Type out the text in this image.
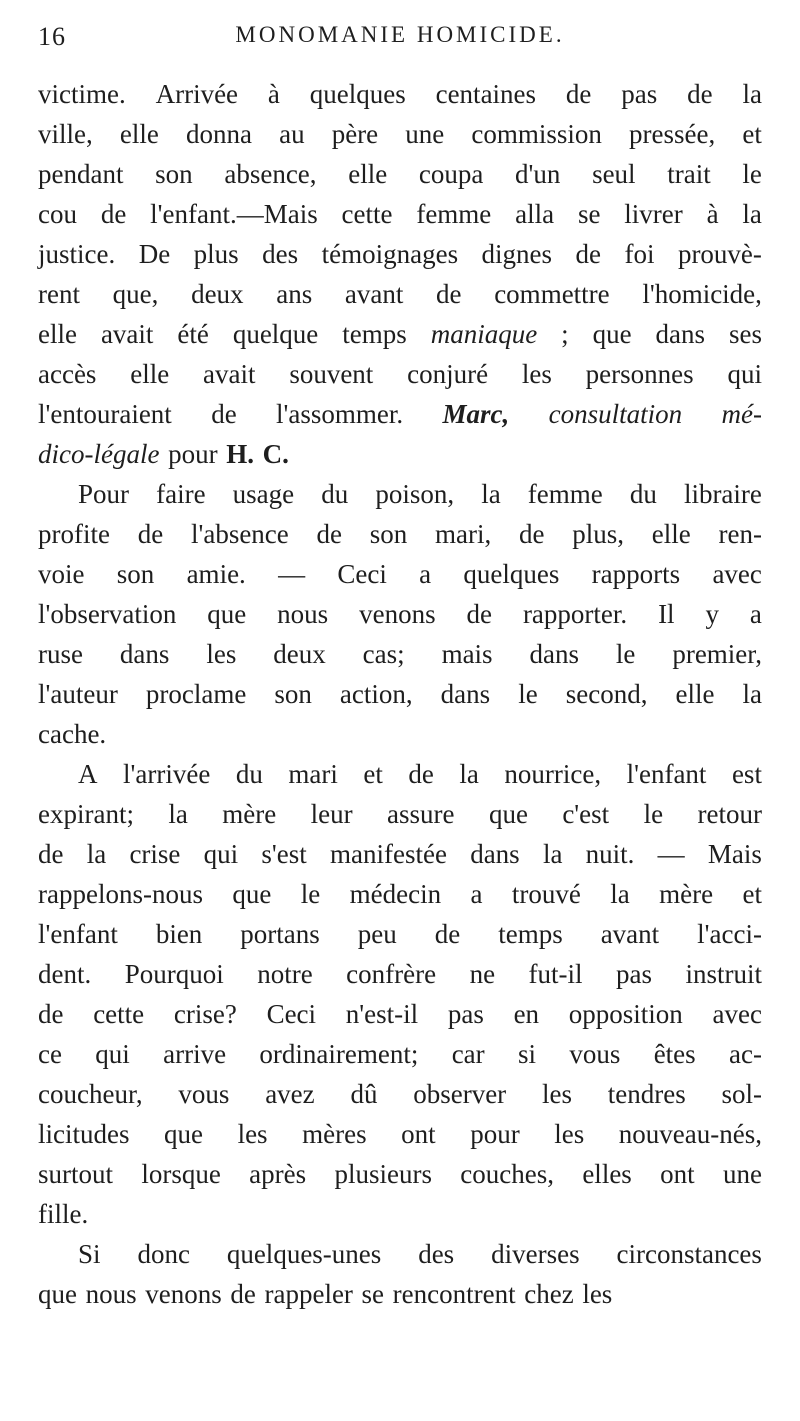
16	MONOMANIE HOMICIDE.
victime. Arrivée à quelques centaines de pas de la
ville, elle donna au père une commission pressée, et
pendant son absence, elle coupa d'un seul trait le
cou de l'enfant.—Mais cette femme alla se livrer à la
justice. De plus des témoignages dignes de foi prouvè-
rent que, deux ans avant de commettre l'homicide,
elle avait été quelque temps maniaque ; que dans ses
accès elle avait souvent conjuré les personnes qui
l'entouraient de l'assommer. Marc, consultation mé-
dico-légale pour H. C.
Pour faire usage du poison, la femme du libraire
profite de l'absence de son mari, de plus, elle ren-
voie son amie. — Ceci a quelques rapports avec
l'observation que nous venons de rapporter. Il y a
ruse dans les deux cas; mais dans le premier,
l'auteur proclame son action, dans le second, elle la
cache.
A l'arrivée du mari et de la nourrice, l'enfant est
expirant; la mère leur assure que c'est le retour
de la crise qui s'est manifestée dans la nuit. — Mais
rappelons-nous que le médecin a trouvé la mère et
l'enfant bien portans peu de temps avant l'acci-
dent. Pourquoi notre confrère ne fut-il pas instruit
de cette crise? Ceci n'est-il pas en opposition avec
ce qui arrive ordinairement; car si vous êtes ac-
coucheur, vous avez dû observer les tendres sol-
licitudes que les mères ont pour les nouveau-nés,
surtout lorsque après plusieurs couches, elles ont une
fille.
Si donc quelques-unes des diverses circonstances
que nous venons de rappeler se rencontrent chez les
